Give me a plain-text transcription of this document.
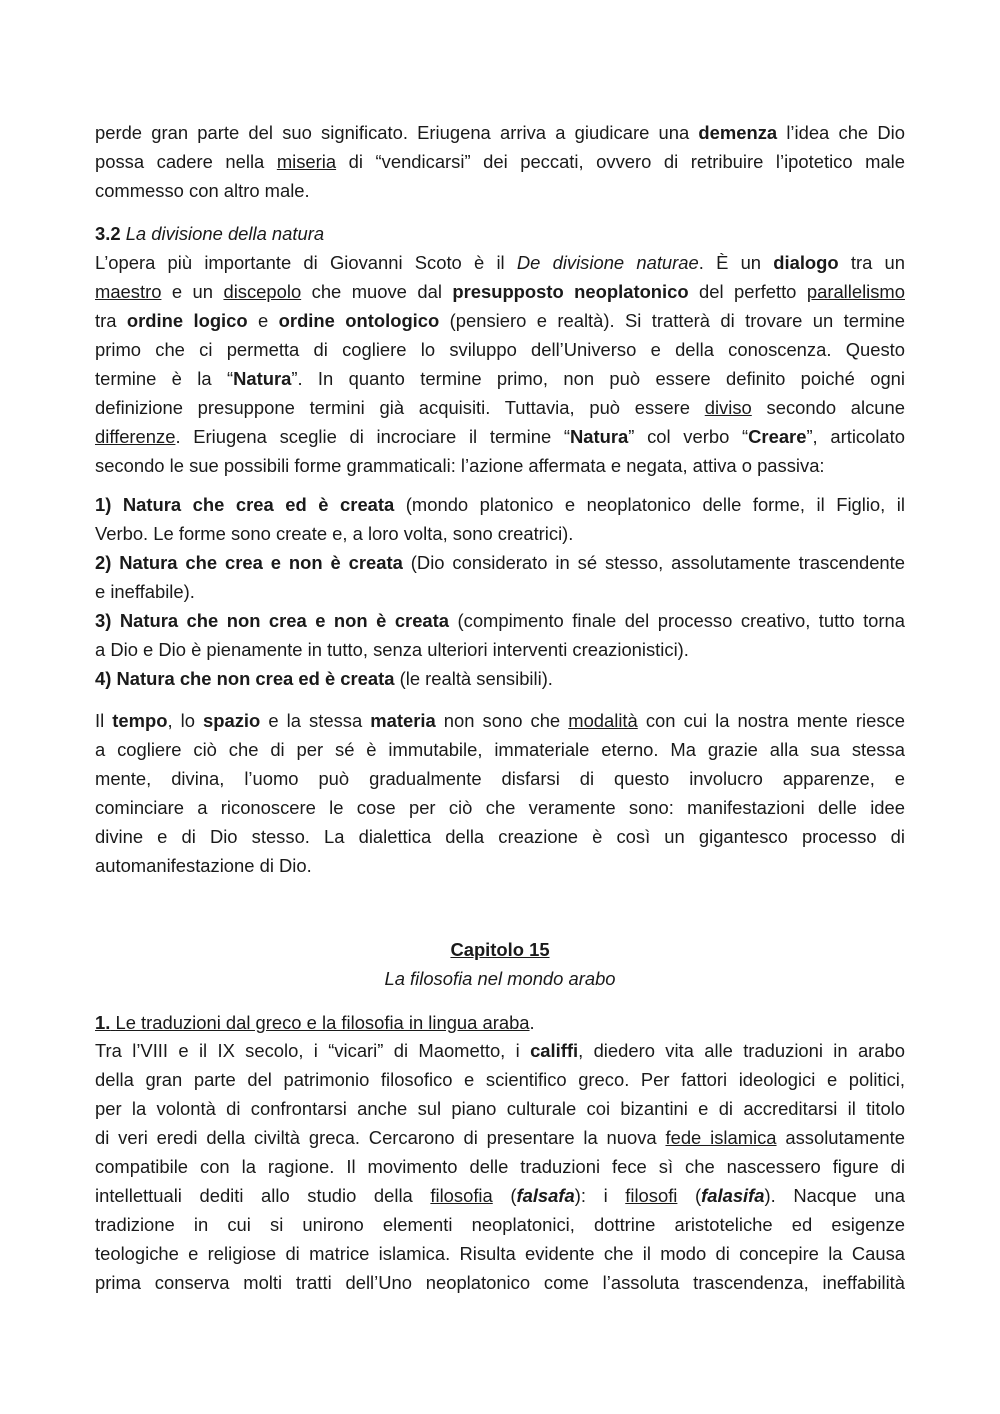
perde gran parte del suo significato. Eriugena arriva a giudicare una demenza l’idea che Dio
possa cadere nella miseria di “vendicarsi” dei peccati, ovvero di retribuire l’ipotetico male
commesso con altro male.
3.2 La divisione della natura
L’opera più importante di Giovanni Scoto è il De divisione naturae. È un dialogo tra un
maestro e un discepolo che muove dal presupposto neoplatonico del perfetto parallelismo
tra ordine logico e ordine ontologico (pensiero e realtà). Si tratterà di trovare un termine
primo che ci permetta di cogliere lo sviluppo dell’Universo e della conoscenza. Questo
termine è la “Natura”. In quanto termine primo, non può essere definito poiché ogni
definizione presuppone termini già acquisiti. Tuttavia, può essere diviso secondo alcune
differenze. Eriugena sceglie di incrociare il termine “Natura” col verbo “Creare”, articolato
secondo le sue possibili forme grammaticali: l’azione affermata e negata, attiva o passiva:
1) Natura che crea ed è creata (mondo platonico e neoplatonico delle forme, il Figlio, il
Verbo. Le forme sono create e, a loro volta, sono creatrici).
2) Natura che crea e non è creata (Dio considerato in sé stesso, assolutamente trascendente
e ineffabile).
3) Natura che non crea e non è creata (compimento finale del processo creativo, tutto torna
a Dio e Dio è pienamente in tutto, senza ulteriori interventi creazionistici).
4) Natura che non crea ed è creata (le realtà sensibili).
Il tempo, lo spazio e la stessa materia non sono che modalità con cui la nostra mente riesce
a cogliere ciò che di per sé è immutabile, immateriale eterno. Ma grazie alla sua stessa
mente, divina, l’uomo può gradualmente disfarsi di questo involucro apparenze, e
cominciare a riconoscere le cose per ciò che veramente sono: manifestazioni delle idee
divine e di Dio stesso. La dialettica della creazione è così un gigantesco processo di
automanifestazione di Dio.
Capitolo 15
La filosofia nel mondo arabo
1. Le traduzioni dal greco e la filosofia in lingua araba.
Tra l’VIII e il IX secolo, i “vicari” di Maometto, i califfi, diedero vita alle traduzioni in arabo
della gran parte del patrimonio filosofico e scientifico greco. Per fattori ideologici e politici,
per la volontà di confrontarsi anche sul piano culturale coi bizantini e di accreditarsi il titolo
di veri eredi della civiltà greca. Cercarono di presentare la nuova fede islamica assolutamente
compatibile con la ragione. Il movimento delle traduzioni fece sì che nascessero figure di
intellettuali dediti allo studio della filosofia (falsafa): i filosofi (falasifa). Nacque una
tradizione in cui si unirono elementi neoplatonici, dottrine aristoteliche ed esigenze
teologiche e religiose di matrice islamica. Risulta evidente che il modo di concepire la Causa
prima conserva molti tratti dell’Uno neoplatonico come l’assoluta trascendenza, ineffabilità
